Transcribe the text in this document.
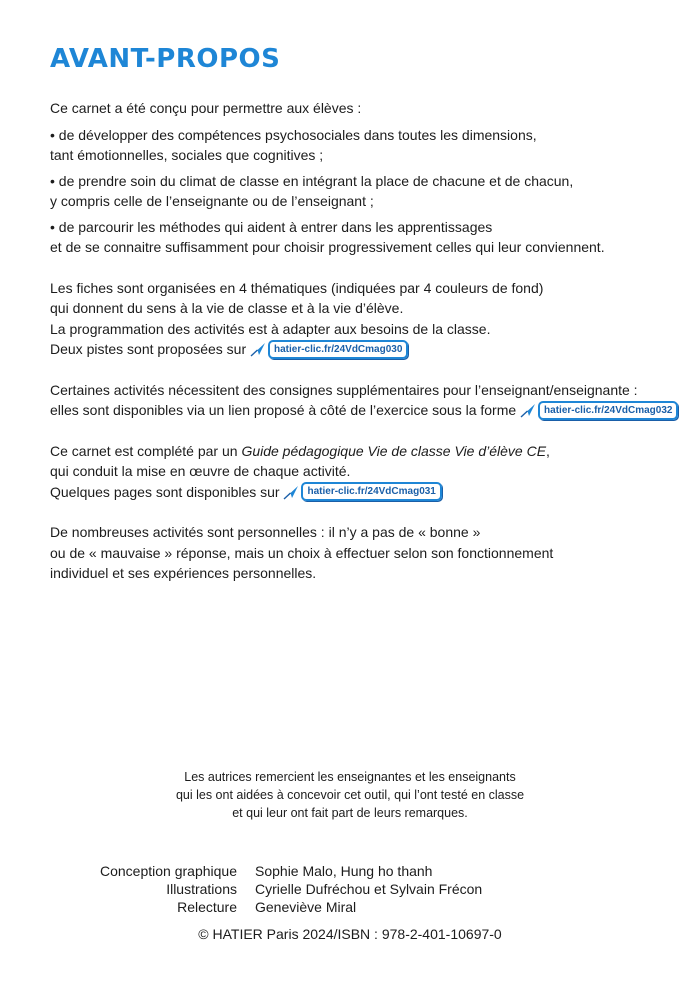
AVANT-PROPOS

Ce carnet a été conçu pour permettre aux élèves :

• de développer des compétences psychosociales dans toutes les dimensions,

tant émotionnelles, sociales que cognitives ;

• de prendre soin du climat de classe en intégrant la place de chacune et de chacun,

y compris celle de l’enseignante ou de l’enseignant ;

• de parcourir les méthodes qui aident à entrer dans les apprentissages

et de se connaitre suffisamment pour choisir progressivement celles qui leur conviennent.

Les fiches sont organisées en 4 thématiques (indiquées par 4 couleurs de fond)

qui donnent du sens à la vie de classe et à la vie d’élève.

La programmation des activités est à adapter aux besoins de la classe.

Deux pistes sont proposées sur	hatier-clic.fr/24VdCmag030

Certaines activités nécessitent des consignes supplémentaires pour l’enseignant/enseignante :

elles sont disponibles via un lien proposé à côté de l’exercice sous la forme	hatier-clic.fr/24VdCmag032

Ce carnet est complété par un Guide pédagogique Vie de classe Vie d’élève CE,

qui conduit la mise en œuvre de chaque activité.

Quelques pages sont disponibles sur	hatier-clic.fr/24VdCmag031

De nombreuses activités sont personnelles : il n’y a pas de « bonne »

ou de « mauvaise » réponse, mais un choix à effectuer selon son fonctionnement

individuel et ses expériences personnelles.

Les autrices remercient les enseignantes et les enseignants

qui les ont aidées à concevoir cet outil, qui l’ont testé en classe

et qui leur ont fait part de leurs remarques.

Conception graphique	Sophie Malo, Hung ho thanh
Illustrations	Cyrielle Dufréchou et Sylvain Frécon
Relecture	Geneviève Miral
© HATIER Paris 2024/ISBN : 978-2-401-10697-0
